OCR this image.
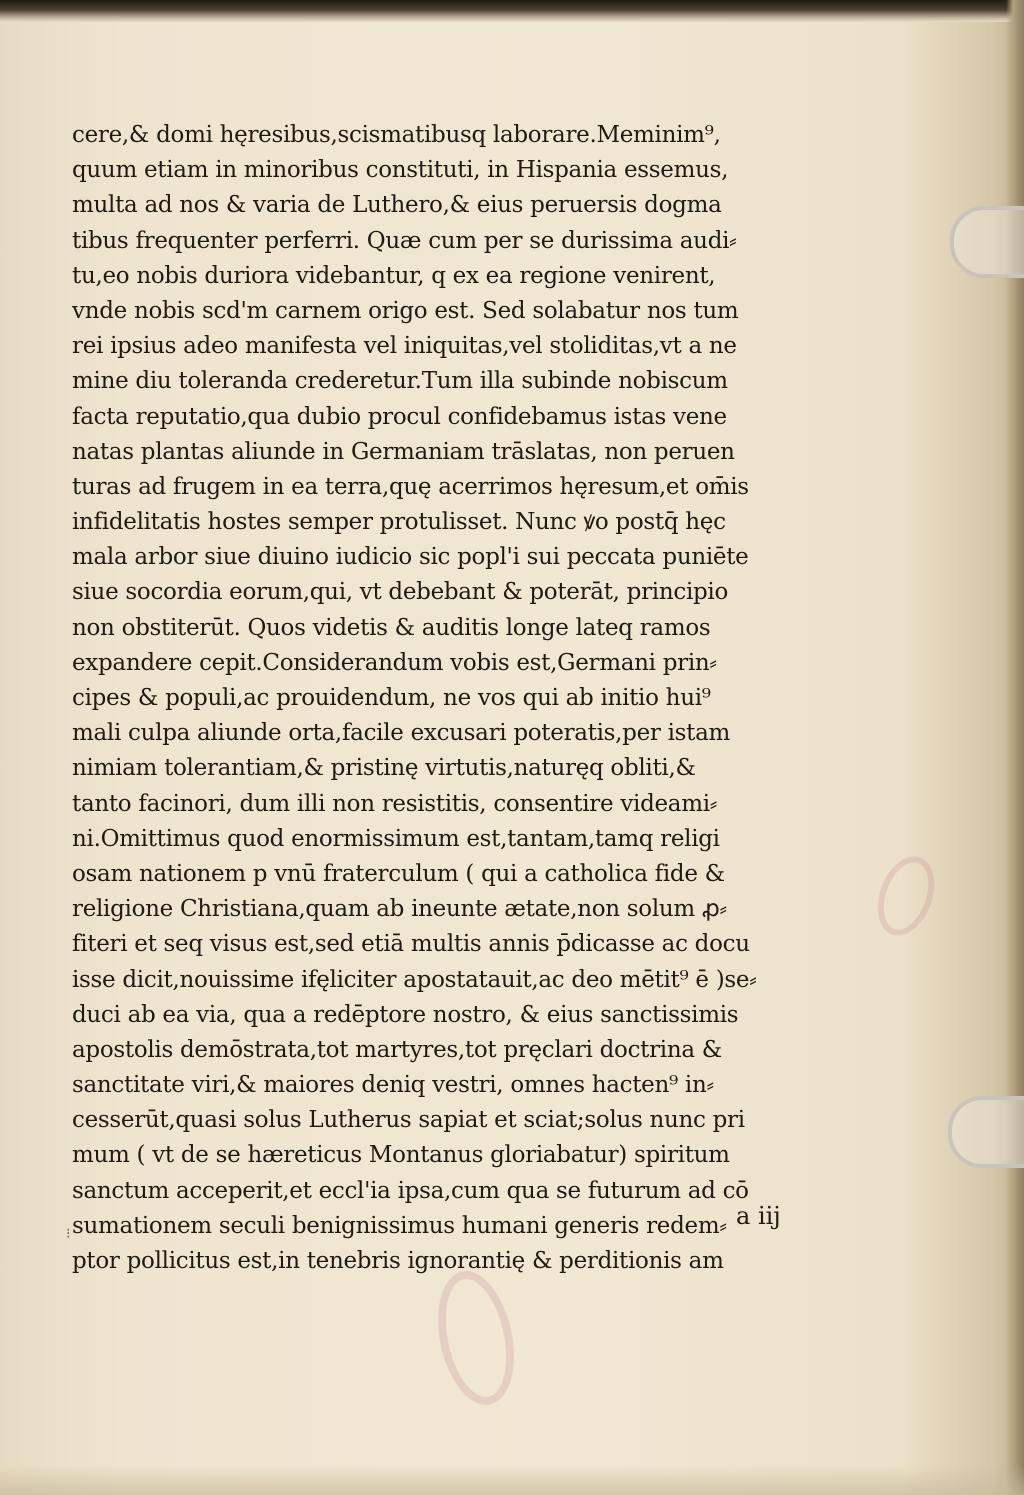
cere,& domi hęresibus,scismatibusq laborare.Meminim⁹,
quum etiam in minoribus constituti, in Hispania essemus,
multa ad nos & varia de Luthero,& eius peruersis dogma
tibus frequenter perferri. Quæ cum per se durissima audi⸗
tu,eo nobis duriora videbantur, q ex ea regione venirent,
vnde nobis scd'm carnem origo est. Sed solabatur nos tum
rei ipsius adeo manifesta vel iniquitas,vel stoliditas,vt a ne
mine diu toleranda crederetur.Tum illa subinde nobiscum
facta reputatio,qua dubio procul confidebamus istas vene
natas plantas aliunde in Germaniam trāslatas, non peruen
turas ad frugem in ea terra,quę acerrimos hęresum,et om̄is
infidelitatis hostes semper protulisset. Nunc ꝟo postq̄ hęc
mala arbor siue diuino iudicio sic popl'i sui peccata puniēte
siue socordia eorum,qui, vt debebant & poterāt, principio
non obstiterūt. Quos videtis & auditis longe lateq ramos
expandere cepit.Considerandum vobis est,Germani prin⸗
cipes & populi,ac prouidendum, ne vos qui ab initio hui⁹
mali culpa aliunde orta,facile excusari poteratis,per istam
nimiam tolerantiam,& pristinę virtutis,naturęq obliti,&
tanto facinori, dum illi non resistitis, consentire videami⸗
ni.Omittimus quod enormissimum est,tantam,tamq religi
osam nationem p vnū fraterculum ( qui a catholica fide &
religione Christiana,quam ab ineunte ætate,non solum ꝓ⸗
fiteri et seq visus est,sed etiā multis annis p̄dicasse ac docu
isse dicit,nouissime ifęliciter apostatauit,ac deo mētit⁹ ē )se⸗
duci ab ea via, qua a redēptore nostro, & eius sanctissimis
apostolis demōstrata,tot martyres,tot pręclari doctrina &
sanctitate viri,& maiores deniq vestri, omnes hacten⁹ in⸗
cesserūt,quasi solus Lutherus sapiat et sciat;solus nunc pri
mum ( vt de se hæreticus Montanus gloriabatur) spiritum
sanctum acceperit,et eccl'ia ipsa,cum qua se futurum ad cō
sumationem seculi benignissimus humani generis redem⸗
ptor pollicitus est,in tenebris ignorantię & perditionis am
a iij
⁝
